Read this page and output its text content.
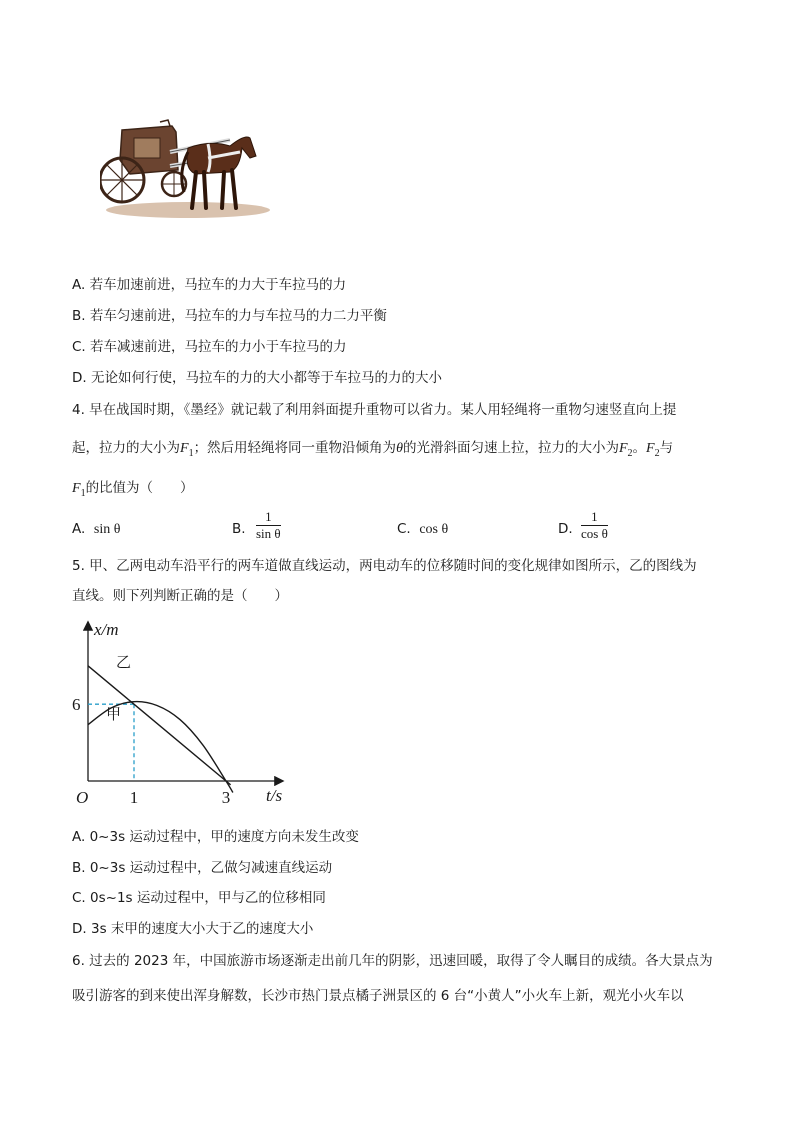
A. 若车加速前进，马拉车的力大于车拉马的力
B. 若车匀速前进，马拉车的力与车拉马的力二力平衡
C. 若车减速前进，马拉车的力小于车拉马的力
D. 无论如何行使，马拉车的力的大小都等于车拉马的力的大小
4. 早在战国时期，《墨经》就记载了利用斜面提升重物可以省力。某人用轻绳将一重物匀速竖直向上提
起，拉力的大小为$F_1$；然后用轻绳将同一重物沿倾角为θ的光滑斜面匀速上拉，拉力的大小为$F_2$。$F_2$与
$F_1$的比值为（　　）
A. sin θ	B. $\frac{1}{\text{sin θ}}$	C. cos θ	D. $\frac{1}{\text{cos θ}}$
5. 甲、乙两电动车沿平行的两车道做直线运动，两电动车的位移随时间的变化规律如图所示，乙的图线为
直线。则下列判断正确的是（　　）
x/m
t/s
O 1	3
6
乙
甲
A. 0~3s 运动过程中，甲的速度方向未发生改变
B. 0~3s 运动过程中，乙做匀减速直线运动
C. 0s~1s 运动过程中，甲与乙的位移相同
D. 3s 末甲的速度大小大于乙的速度大小
6. 过去的 2023 年，中国旅游市场逐渐走出前几年的阴影，迅速回暖，取得了令人瞩目的成绩。各大景点为
吸引游客的到来使出浑身解数，长沙市热门景点橘子洲景区的 6 台“小黄人”小火车上新，观光小火车以
